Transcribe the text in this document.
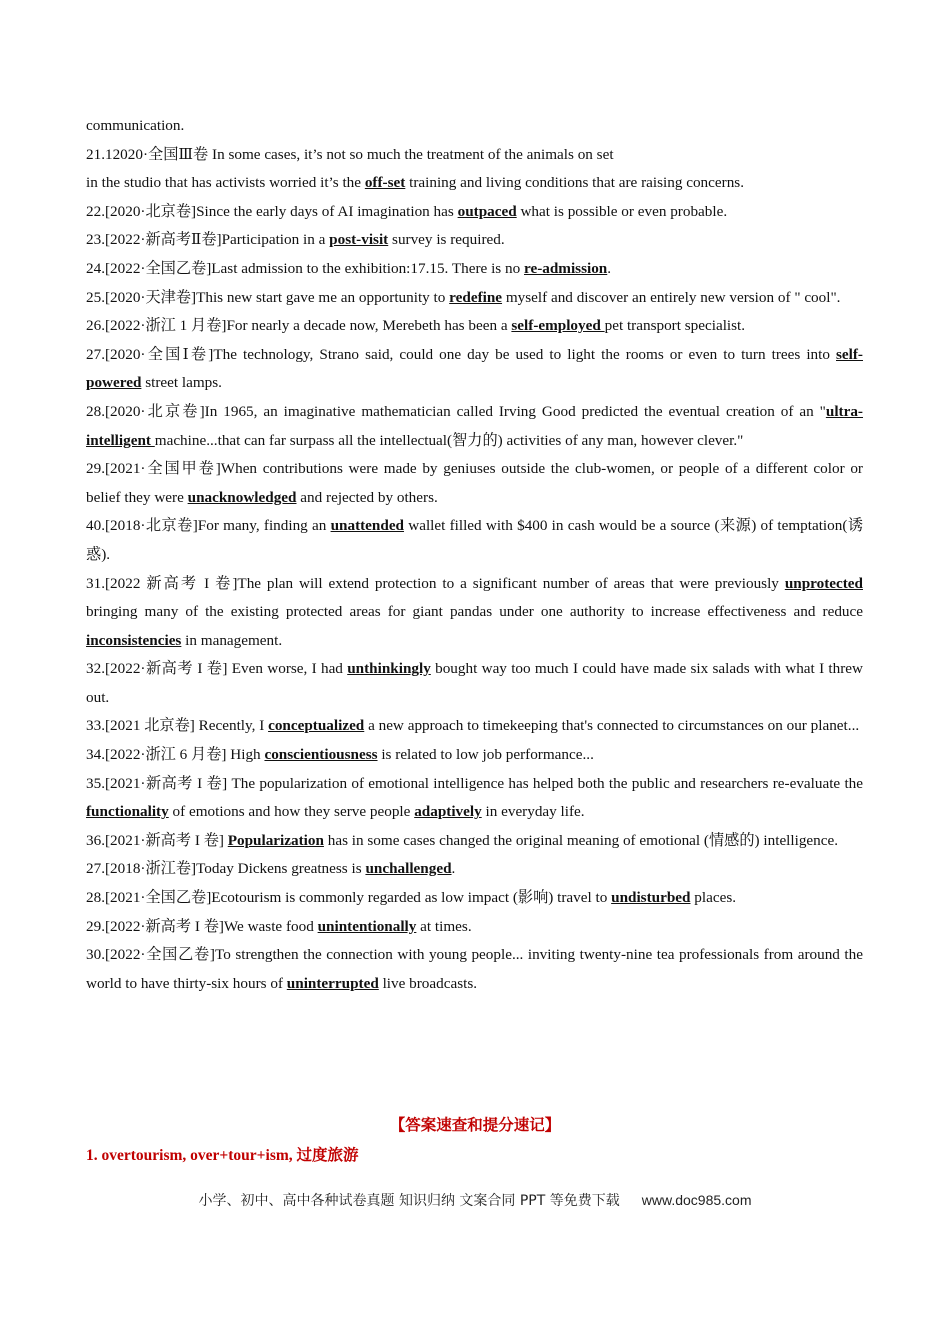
communication.
21.12020·全国Ⅲ卷 In some cases, it’s not so much the treatment of the animals on set
in the studio that has activists worried it’s the off-set training and living conditions that are raising concerns.
22.[2020·北京卷]Since the early days of AI imagination has outpaced what is possible or even probable.
23.[2022·新高考Ⅱ卷]Participation in a post-visit survey is required.
24.[2022·全国乙卷]Last admission to the exhibition:17.15. There is no re-admission.
25.[2020·天津卷]This new start gave me an opportunity to redefine myself and discover an entirely new version of " cool".
26.[2022·浙江 1 月卷]For nearly a decade now, Merebeth has been a self-employed pet transport specialist.
27.[2020·全国Ⅰ卷]The technology, Strano said, could one day be used to light the rooms or even to turn trees into self-powered street lamps.
28.[2020·北京卷]In 1965, an imaginative mathematician called Irving Good predicted the eventual creation of an "ultra-intelligent machine...that can far surpass all the intellectual(智力的) activities of any man, however clever."
29.[2021·全国甲卷]When contributions were made by geniuses outside the club-women, or people of a different color or belief they were unacknowledged and rejected by others.
40.[2018·北京卷]For many, finding an unattended wallet filled with $400 in cash would be a source (来源) of temptation(诱惑).
31.[2022 新高考 I 卷]The plan will extend protection to a significant number of areas that were previously unprotected bringing many of the existing protected areas for giant pandas under one authority to increase effectiveness and reduce inconsistencies in management.
32.[2022·新高考 I 卷] Even worse, I had unthinkingly bought way too much I could have made six salads with what I threw out.
33.[2021 北京卷] Recently, I conceptualized a new approach to timekeeping that's connected to circumstances on our planet...
34.[2022·浙江 6 月卷] High conscientiousness is related to low job performance...
35.[2021·新高考 I 卷] The popularization of emotional intelligence has helped both the public and researchers re-evaluate the functionality of emotions and how they serve people adaptively in everyday life.
36.[2021·新高考 I 卷] Popularization has in some cases changed the original meaning of emotional (情感的) intelligence.
27.[2018·浙江卷]Today Dickens greatness is unchallenged.
28.[2021·全国乙卷]Ecotourism is commonly regarded as low impact (影响) travel to undisturbed places.
29.[2022·新高考 I 卷]We waste food unintentionally at times.
30.[2022·全国乙卷]To strengthen the connection with young people... inviting twenty-nine tea professionals from around the world to have thirty-six hours of uninterrupted live broadcasts.
【答案速查和提分速记】
1. overtourism, over+tour+ism, 过度旅游
小学、初中、高中各种试卷真题 知识归纳 文案合同 PPT 等免费下载 www.doc985.com
